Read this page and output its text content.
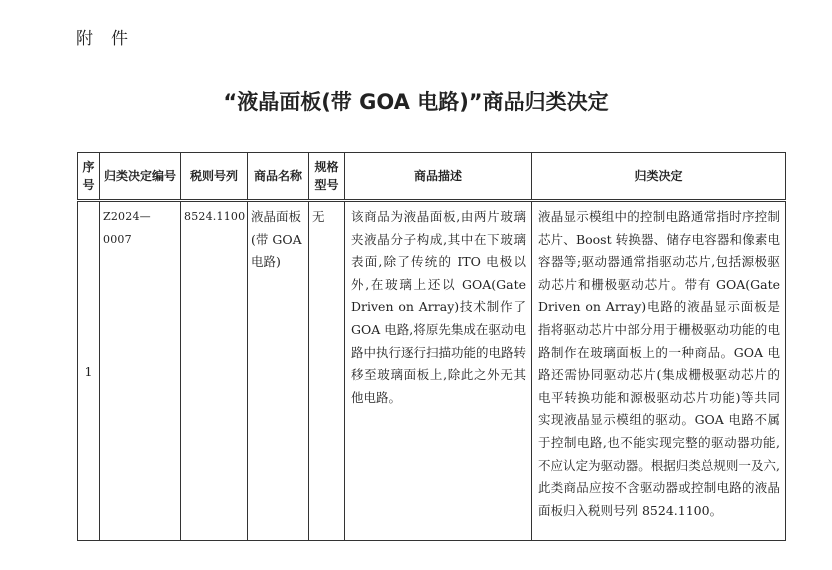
附件
“液晶面板(带 GOA 电路)”商品归类决定
序号	归类决定编号	税则号列	商品名称	规格型号	商品描述	归类决定
1	Z2024—0007	8524.1100	液晶面板(带 GOA 电路)	无	该商品为液晶面板,由两片玻璃夹液晶分子构成,其中在下玻璃表面,除了传统的 ITO 电极以外,在玻璃上还以 GOA(Gate Driven on Array)技术制作了 GOA 电路,将原先集成在驱动电路中执行逐行扫描功能的电路转移至玻璃面板上,除此之外无其他电路。	液晶显示模组中的控制电路通常指时序控制芯片、Boost 转换器、储存电容器和像素电容器等;驱动器通常指驱动芯片,包括源极驱动芯片和栅极驱动芯片。带有 GOA(Gate Driven on Array)电路的液晶显示面板是指将驱动芯片中部分用于栅极驱动功能的电路制作在玻璃面板上的一种商品。GOA 电路还需协同驱动芯片(集成栅极驱动芯片的电平转换功能和源极驱动芯片功能)等共同实现液晶显示模组的驱动。GOA 电路不属于控制电路,也不能实现完整的驱动器功能,不应认定为驱动器。根据归类总规则一及六,此类商品应按不含驱动器或控制电路的液晶面板归入税则号列 8524.1100。
